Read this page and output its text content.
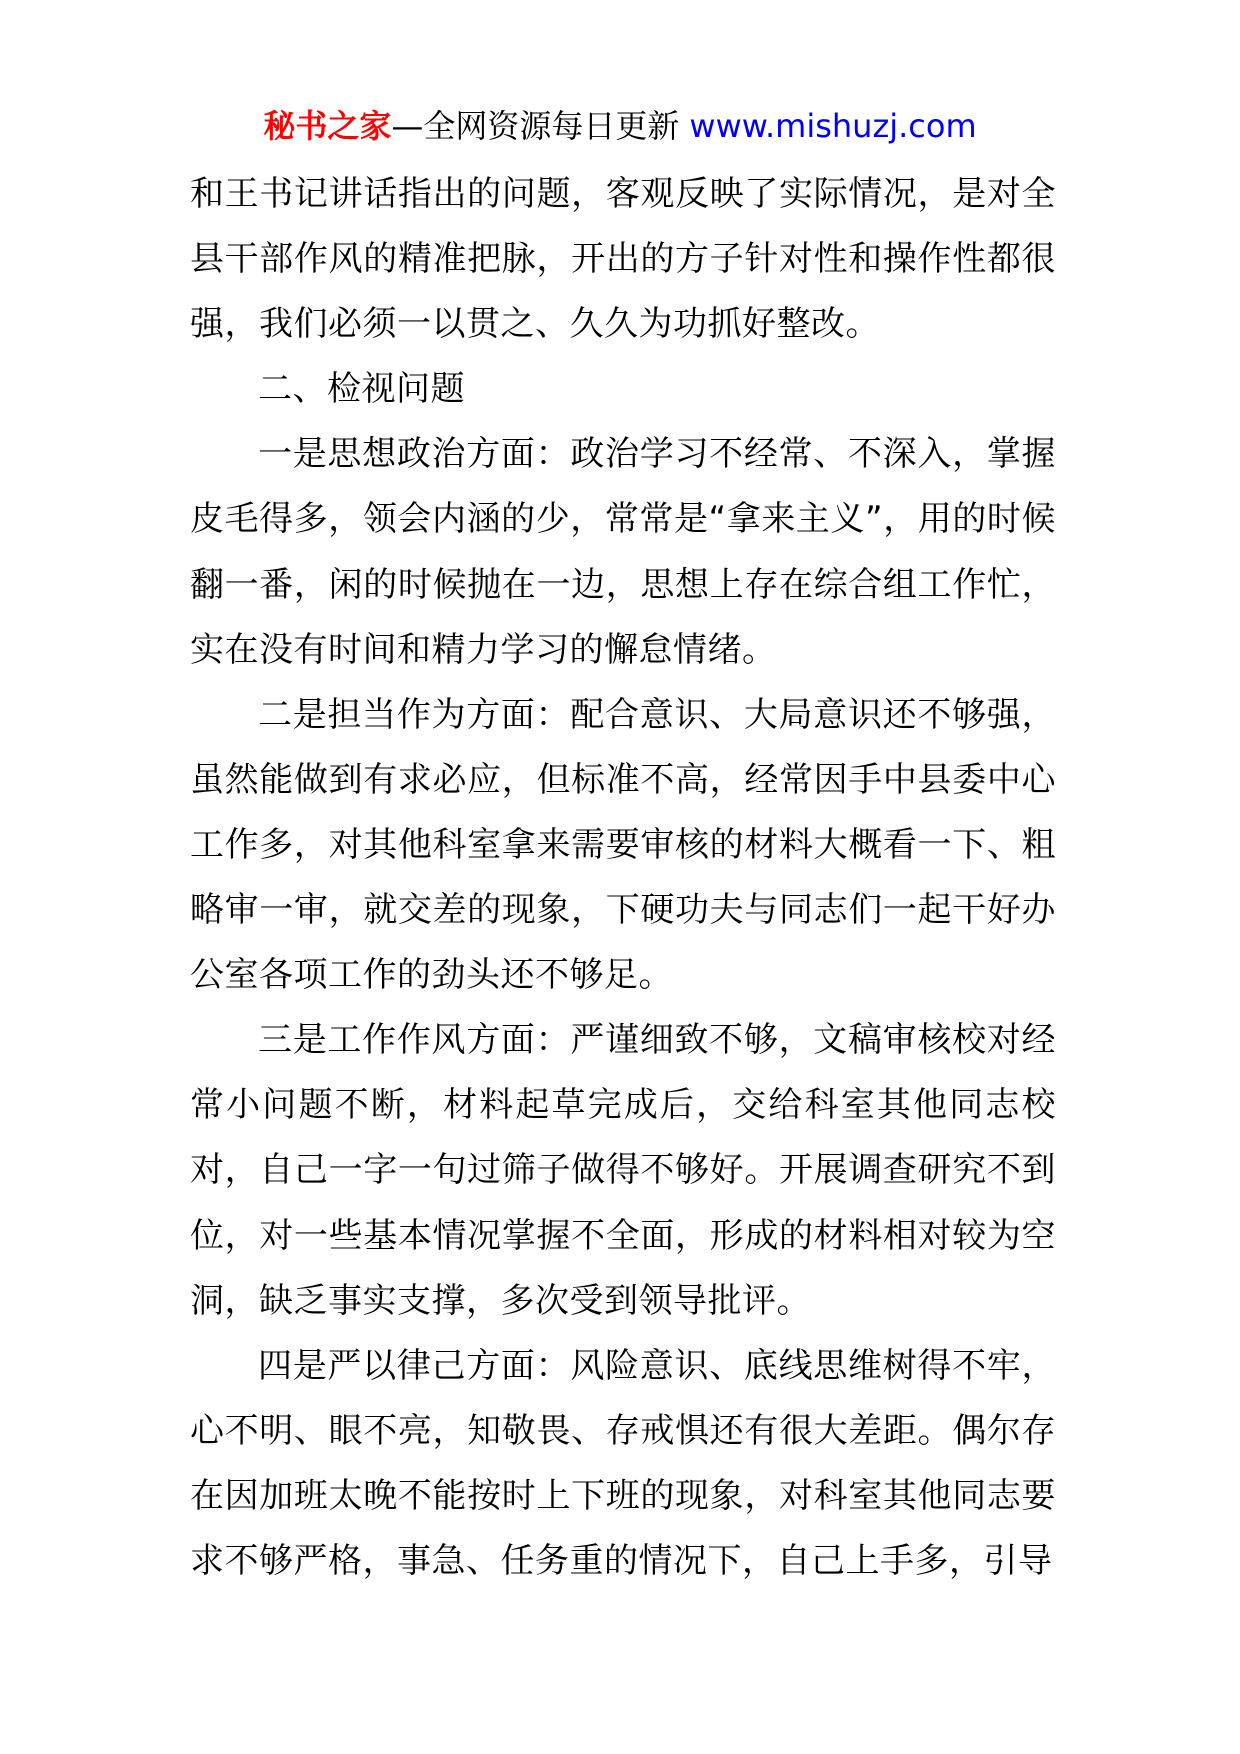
秘书之家—全网资源每日更新 www.mishuzj.com

和王书记讲话指出的问题，客观反映了实际情况，是对全县干部作风的精准把脉，开出的方子针对性和操作性都很强，我们必须一以贯之、久久为功抓好整改。

二、检视问题

一是思想政治方面：政治学习不经常、不深入，掌握皮毛得多，领会内涵的少，常常是“拿来主义”，用的时候翻一番，闲的时候抛在一边，思想上存在综合组工作忙，实在没有时间和精力学习的懈怠情绪。

二是担当作为方面：配合意识、大局意识还不够强，虽然能做到有求必应，但标准不高，经常因手中县委中心工作多，对其他科室拿来需要审核的材料大概看一下、粗略审一审，就交差的现象，下硬功夫与同志们一起干好办公室各项工作的劲头还不够足。

三是工作作风方面：严谨细致不够，文稿审核校对经常小问题不断，材料起草完成后，交给科室其他同志校对，自己一字一句过筛子做得不够好。开展调查研究不到位，对一些基本情况掌握不全面，形成的材料相对较为空洞，缺乏事实支撑，多次受到领导批评。

四是严以律己方面：风险意识、底线思维树得不牢，心不明、眼不亮，知敬畏、存戒惧还有很大差距。偶尔存在因加班太晚不能按时上下班的现象，对科室其他同志要求不够严格，事急、任务重的情况下，自己上手多，引导
